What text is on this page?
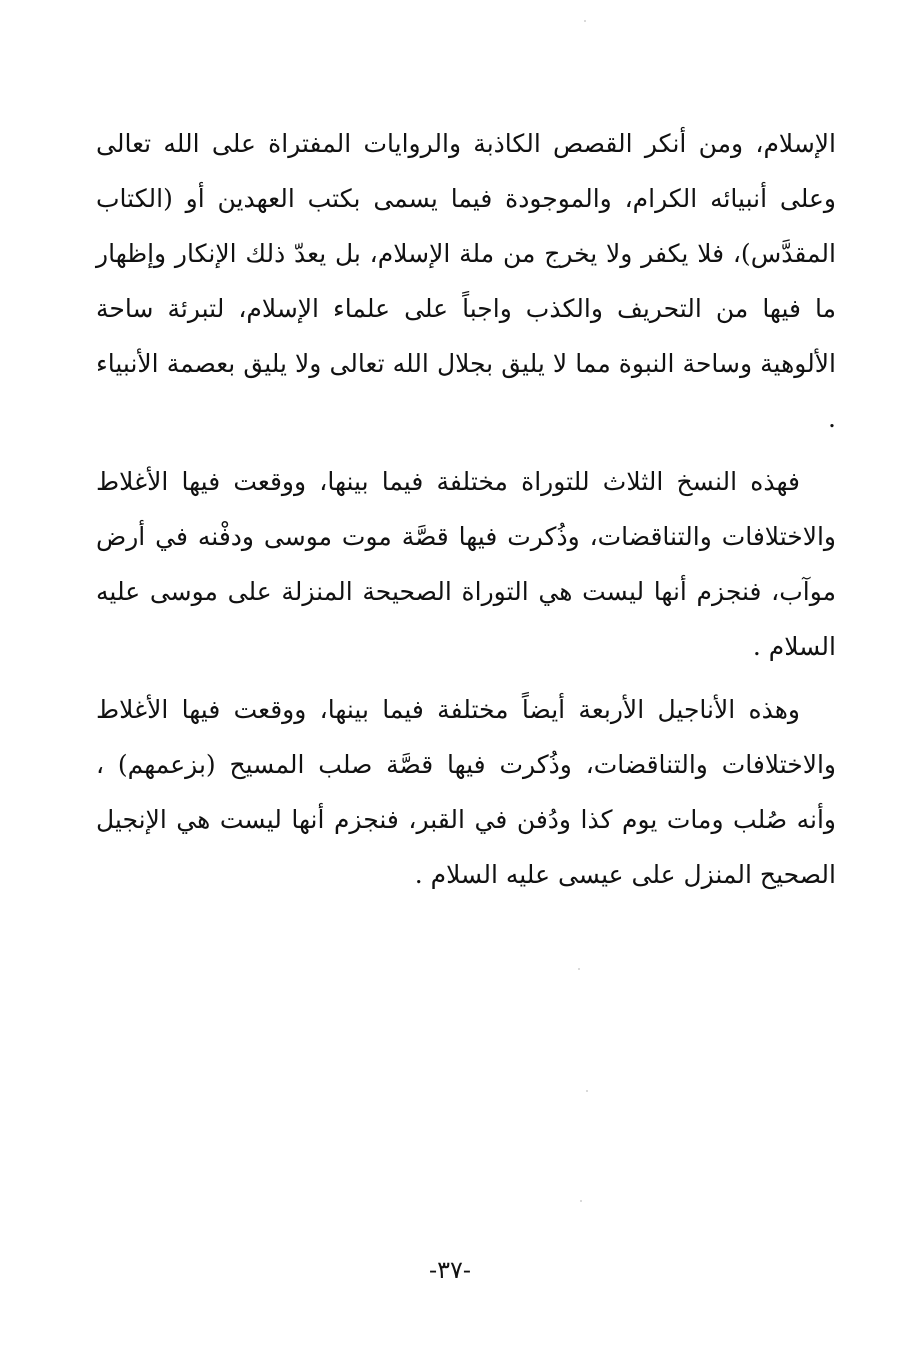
الإسلام، ومن أنكر القصص الكاذبة والروايات المفتراة على الله تعالى وعلى أنبيائه الكرام، والموجودة فيما يسمى بكتب العهدين أو (الكتاب المقدَّس)، فلا يكفر ولا يخرج من ملة الإسلام، بل يعدّ ذلك الإنكار وإظهار ما فيها من التحريف والكذب واجباً على علماء الإسلام، لتبرئة ساحة الألوهية وساحة النبوة مما لا يليق بجلال الله تعالى ولا يليق بعصمة الأنبياء .

فهذه النسخ الثلاث للتوراة مختلفة فيما بينها، ووقعت فيها الأغلاط والاختلافات والتناقضات، وذُكرت فيها قصَّة موت موسى ودفْنه في أرض موآب، فنجزم أنها ليست هي التوراة الصحيحة المنزلة على موسى عليه السلام .

وهذه الأناجيل الأربعة أيضاً مختلفة فيما بينها، ووقعت فيها الأغلاط والاختلافات والتناقضات، وذُكرت فيها قصَّة صلب المسيح (بزعمهم) ، وأنه صُلب ومات يوم كذا ودُفن في القبر، فنجزم أنها ليست هي الإنجيل الصحيح المنزل على عيسى عليه السلام .

-٣٧-
